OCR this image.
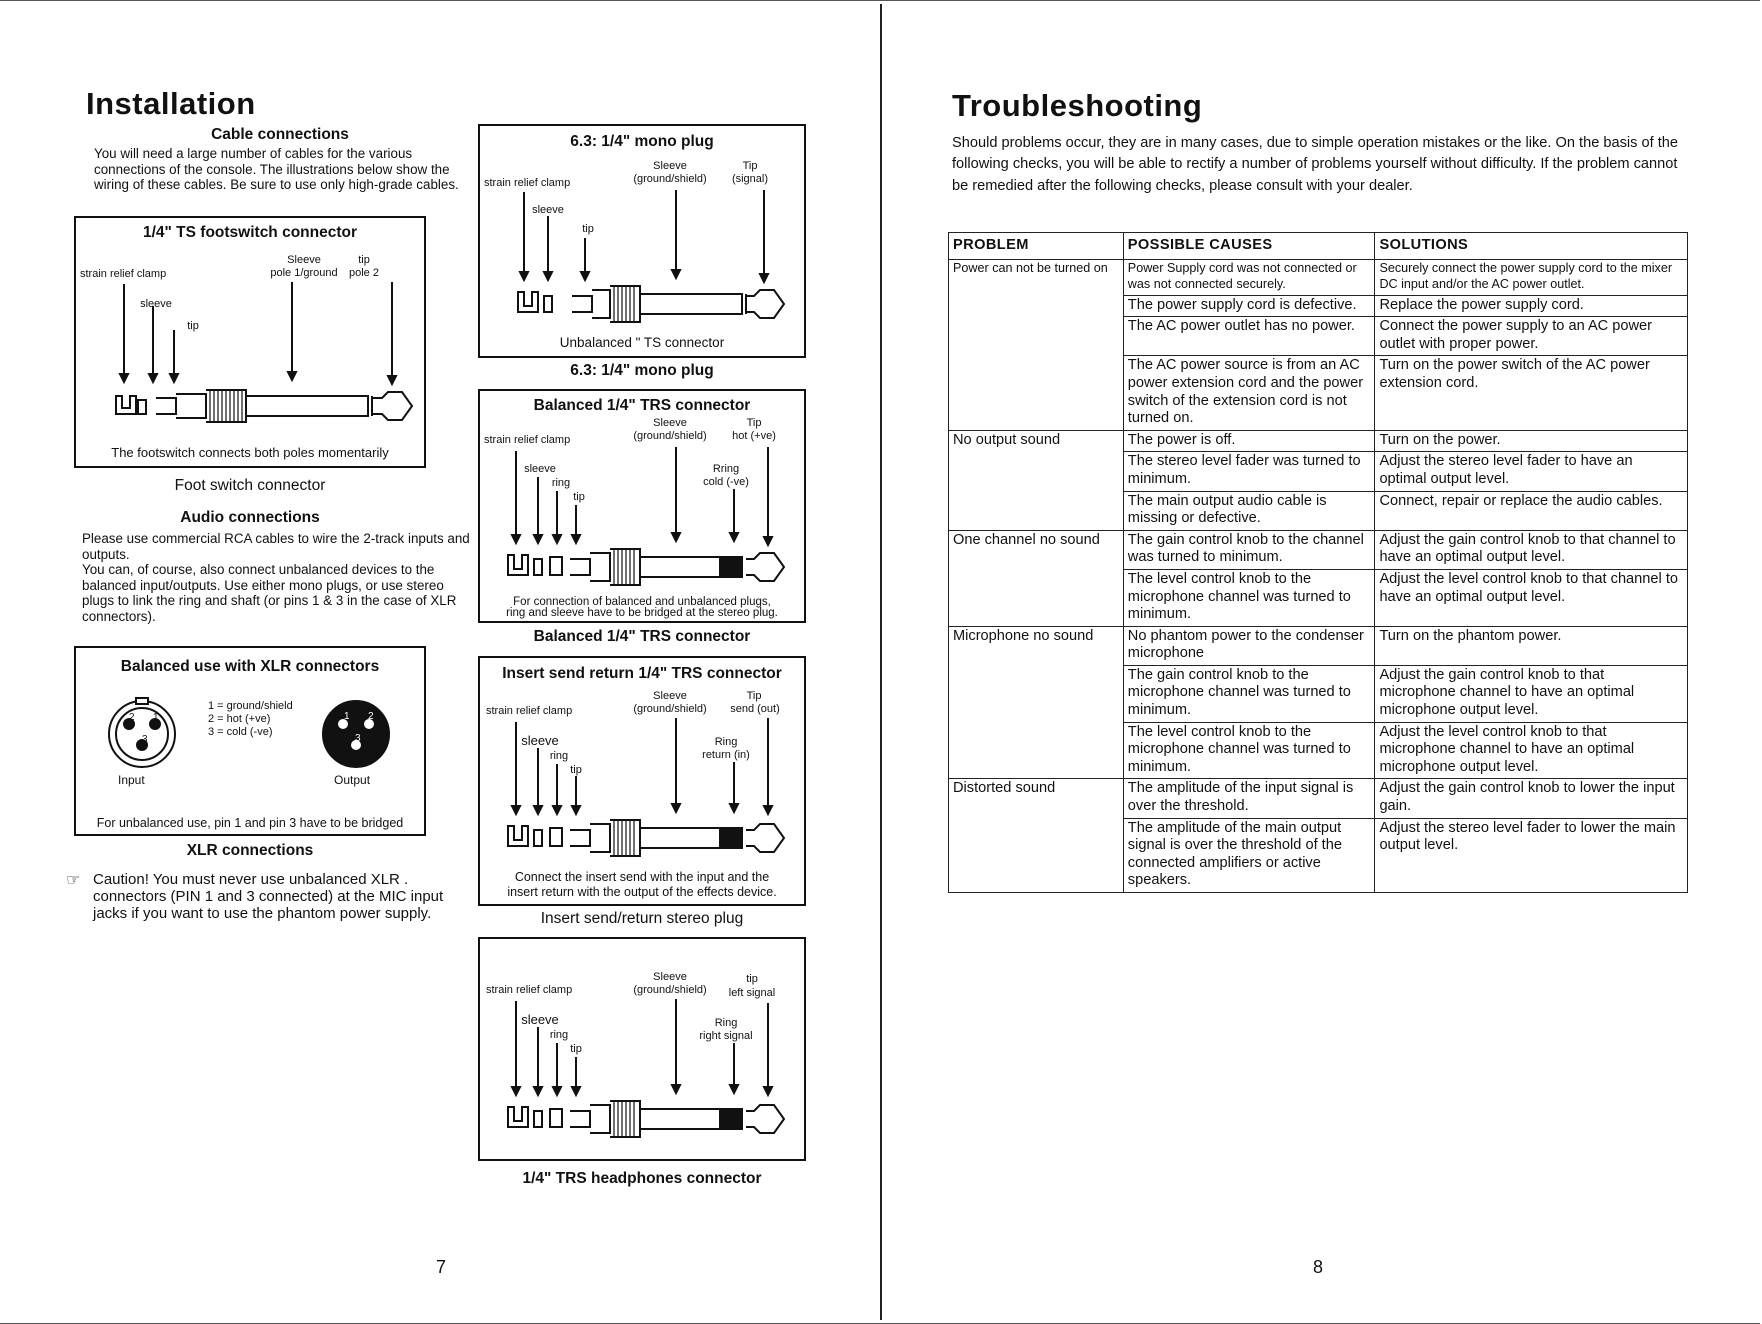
Installation
Cable connections
You will need a large number of cables for the various connections of the console. The illustrations below show the wiring of these cables. Be sure to use only high-grade cables.
1/4" TS footswitch connector
strain relief clamp
Sleeve
pole 1/ground
tip
pole 2
sleeve
tip
The footswitch connects both poles momentarily
Foot switch connector
Audio connections
Please use commercial RCA cables to wire the 2-track inputs and outputs.
You can, of course, also connect unbalanced devices to the balanced input/outputs. Use either mono plugs, or use stereo plugs to link the ring and shaft (or pins 1 & 3 in the case of XLR connectors).
Balanced use with XLR connectors
1 = ground/shield
2 = hot (+ve)
3 = cold (-ve)
2 1
3
1 2
3
Input	Output
For unbalanced use, pin 1 and pin 3 have to be bridged
XLR connections
☞ Caution! You must never use unbalanced XLR . connectors (PIN 1 and 3 connected) at the MIC input jacks if you want to use the phantom power supply.
6.3: 1/4" mono plug
Sleeve
(ground/shield)
Tip
(signal)
strain relief clamp
sleeve
tip
Unbalanced " TS connector
6.3: 1/4" mono plug
Balanced 1/4" TRS connector
Sleeve
(ground/shield)
Tip
hot (+ve)
strain relief clamp
sleeve
ring
tip
Rring
cold (-ve)
For connection of balanced and unbalanced plugs,
ring and sleeve have to be bridged at the stereo plug.
Balanced 1/4" TRS connector
Insert send return 1/4" TRS connector
Sleeve
(ground/shield)
Tip
send (out)
strain relief clamp
sleeve
ring
tip
Ring
return (in)
Connect the insert send with the input and the
insert return with the output of the effects device.
Insert send/return stereo plug
Sleeve
(ground/shield)
tip
left signal
strain relief clamp
sleeve
ring
tip
Ring
right signal
1/4" TRS headphones connector
7
Troubleshooting
Should problems occur, they are in many cases, due to simple operation mistakes or the like. On the basis of the following checks, you will be able to rectify a number of problems yourself without difficulty. If the problem cannot be remedied after the following checks, please consult with your dealer.
PROBLEM	POSSIBLE CAUSES	SOLUTIONS
Power can not be turned on	Power Supply cord was not connected or was not connected securely.	Securely connect the power supply cord to the mixer DC input and/or the AC power outlet.
	The power supply cord is defective.	Replace the power supply cord.
	The AC power outlet has no power.	Connect the power supply to an AC power outlet with proper power.
	The AC power source is from an AC power extension cord and the power switch of the extension cord is not turned on.	Turn on the power switch of the AC power extension cord.
No output sound	The power is off.	Turn on the power.
	The stereo level fader was turned to minimum.	Adjust the stereo level fader to have an optimal output level.
	The main output audio cable is missing or defective.	Connect, repair or replace the audio cables.
One channel no sound	The gain control knob to the channel was turned to minimum.	Adjust the gain control knob to that channel to have an optimal output level.
	The level control knob to the microphone channel was turned to minimum.	Adjust the level control knob to that channel to have an optimal output level.
Microphone no sound	No phantom power to the condenser microphone	Turn on the phantom power.
	The gain control knob to the microphone channel was turned to minimum.	Adjust the gain control knob to that microphone channel to have an optimal microphone output level.
	The level control knob to the microphone channel was turned to minimum.	Adjust the level control knob to that microphone channel to have an optimal microphone output level.
Distorted sound	The amplitude of the input signal is over the threshold.	Adjust the gain control knob to lower the input gain.
	The amplitude of the main output signal is over the threshold of the connected amplifiers or active speakers.	Adjust the stereo level fader to lower the main output level.
8
